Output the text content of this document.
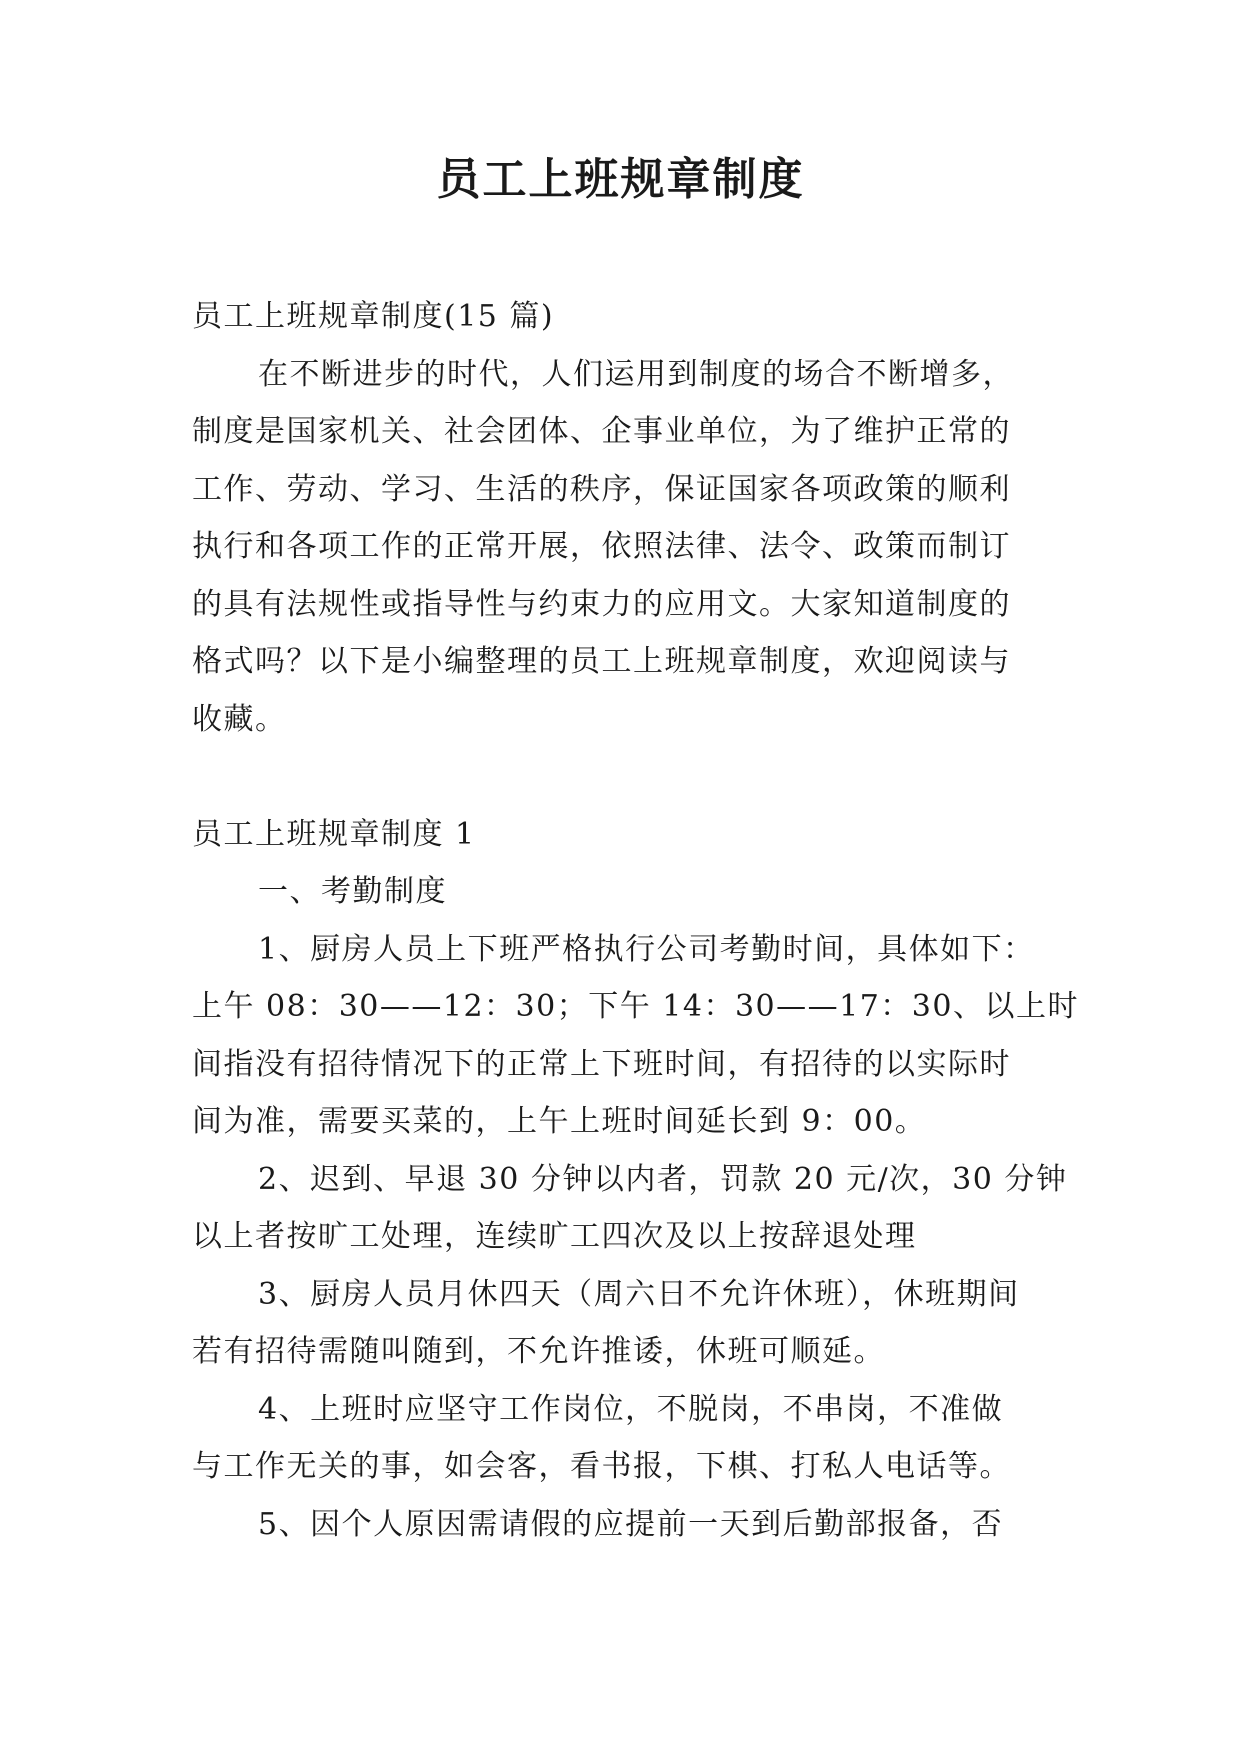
员工上班规章制度
员工上班规章制度(15 篇)
在不断进步的时代，人们运用到制度的场合不断增多，
制度是国家机关、社会团体、企事业单位，为了维护正常的
工作、劳动、学习、生活的秩序，保证国家各项政策的顺利
执行和各项工作的正常开展，依照法律、法令、政策而制订
的具有法规性或指导性与约束力的应用文。大家知道制度的
格式吗？以下是小编整理的员工上班规章制度，欢迎阅读与
收藏。
员工上班规章制度 1
一、考勤制度
1、厨房人员上下班严格执行公司考勤时间，具体如下：
上午 08：30——12：30；下午 14：30——17：30、以上时
间指没有招待情况下的正常上下班时间，有招待的以实际时
间为准，需要买菜的，上午上班时间延长到 9：00。
2、迟到、早退 30 分钟以内者，罚款 20 元/次，30 分钟
以上者按旷工处理，连续旷工四次及以上按辞退处理
3、厨房人员月休四天（周六日不允许休班），休班期间
若有招待需随叫随到，不允许推诿，休班可顺延。
4、上班时应坚守工作岗位，不脱岗，不串岗，不准做
与工作无关的事，如会客，看书报，下棋、打私人电话等。
5、因个人原因需请假的应提前一天到后勤部报备，否
